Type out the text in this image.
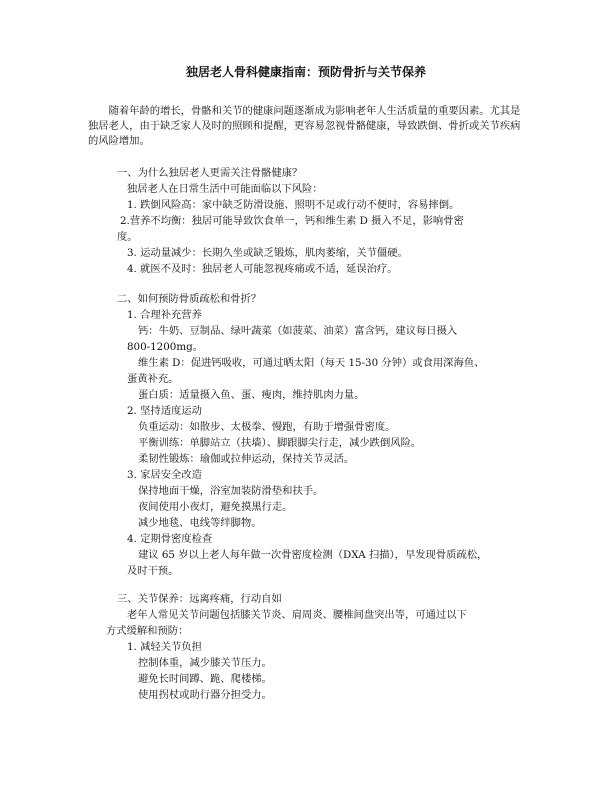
独居老人骨科健康指南：预防骨折与关节保养

随着年龄的增长，骨骼和关节的健康问题逐渐成为影响老年人生活质量的重要因素。尤其是独居老人，由于缺乏家人及时的照顾和提醒，更容易忽视骨骼健康，导致跌倒、骨折或关节疾病的风险增加。

一、为什么独居老人更需关注骨骼健康？
独居老人在日常生活中可能面临以下风险：
1. 跌倒风险高：家中缺乏防滑设施、照明不足或行动不便时，容易摔倒。
2.营养不均衡：独居可能导致饮食单一，钙和维生素 D 摄入不足，影响骨密
度。
3. 运动量减少：长期久坐或缺乏锻炼，肌肉萎缩，关节僵硬。
4. 就医不及时：独居老人可能忽视疼痛或不适，延误治疗。
二、如何预防骨质疏松和骨折？
1. 合理补充营养
钙：牛奶、豆制品、绿叶蔬菜（如菠菜、油菜）富含钙，建议每日摄入
800-1200mg。
维生素 D：促进钙吸收，可通过晒太阳（每天 15-30 分钟）或食用深海鱼、
蛋黄补充。
蛋白质：适量摄入鱼、蛋、瘦肉，维持肌肉力量。
2. 坚持适度运动
负重运动：如散步、太极拳、慢跑，有助于增强骨密度。
平衡训练：单脚站立（扶墙）、脚跟脚尖行走，减少跌倒风险。
柔韧性锻炼：瑜伽或拉伸运动，保持关节灵活。
3. 家居安全改造
保持地面干燥，浴室加装防滑垫和扶手。
夜间使用小夜灯，避免摸黑行走。
减少地毯、电线等绊脚物。
4. 定期骨密度检查
建议 65 岁以上老人每年做一次骨密度检测（DXA 扫描），早发现骨质疏松，
及时干预。
三、关节保养：远离疼痛，行动自如
老年人常见关节问题包括膝关节炎、肩周炎、腰椎间盘突出等，可通过以下
方式缓解和预防：
1. 减轻关节负担
控制体重，减少膝关节压力。
避免长时间蹲、跪、爬楼梯。
使用拐杖或助行器分担受力。
